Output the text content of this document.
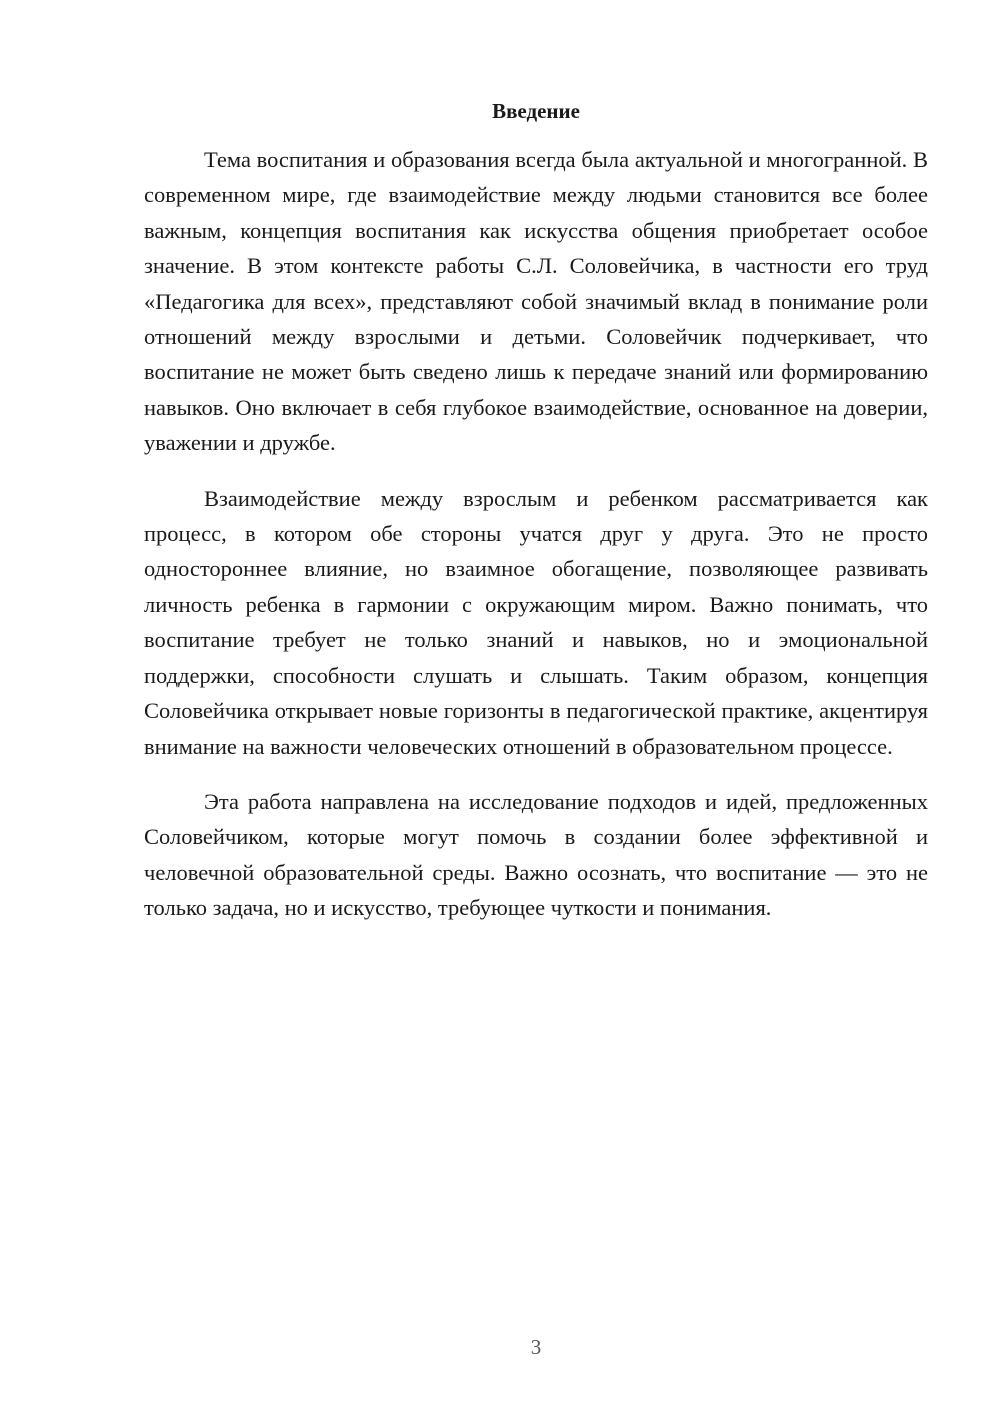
Введение

Тема воспитания и образования всегда была актуальной и многогранной. В современном мире, где взаимодействие между людьми становится все более важным, концепция воспитания как искусства общения приобретает особое значение. В этом контексте работы С.Л. Соловейчика, в частности его труд «Педагогика для всех», представляют собой значимый вклад в понимание роли отношений между взрослыми и детьми. Соловейчик подчеркивает, что воспитание не может быть сведено лишь к передаче знаний или формированию навыков. Оно включает в себя глубокое взаимодействие, основанное на доверии, уважении и дружбе.

Взаимодействие между взрослым и ребенком рассматривается как процесс, в котором обе стороны учатся друг у друга. Это не просто одностороннее влияние, но взаимное обогащение, позволяющее развивать личность ребенка в гармонии с окружающим миром. Важно понимать, что воспитание требует не только знаний и навыков, но и эмоциональной поддержки, способности слушать и слышать. Таким образом, концепция Соловейчика открывает новые горизонты в педагогической практике, акцентируя внимание на важности человеческих отношений в образовательном процессе.

Эта работа направлена на исследование подходов и идей, предложенных Соловейчиком, которые могут помочь в создании более эффективной и человечной образовательной среды. Важно осознать, что воспитание — это не только задача, но и искусство, требующее чуткости и понимания.

3
